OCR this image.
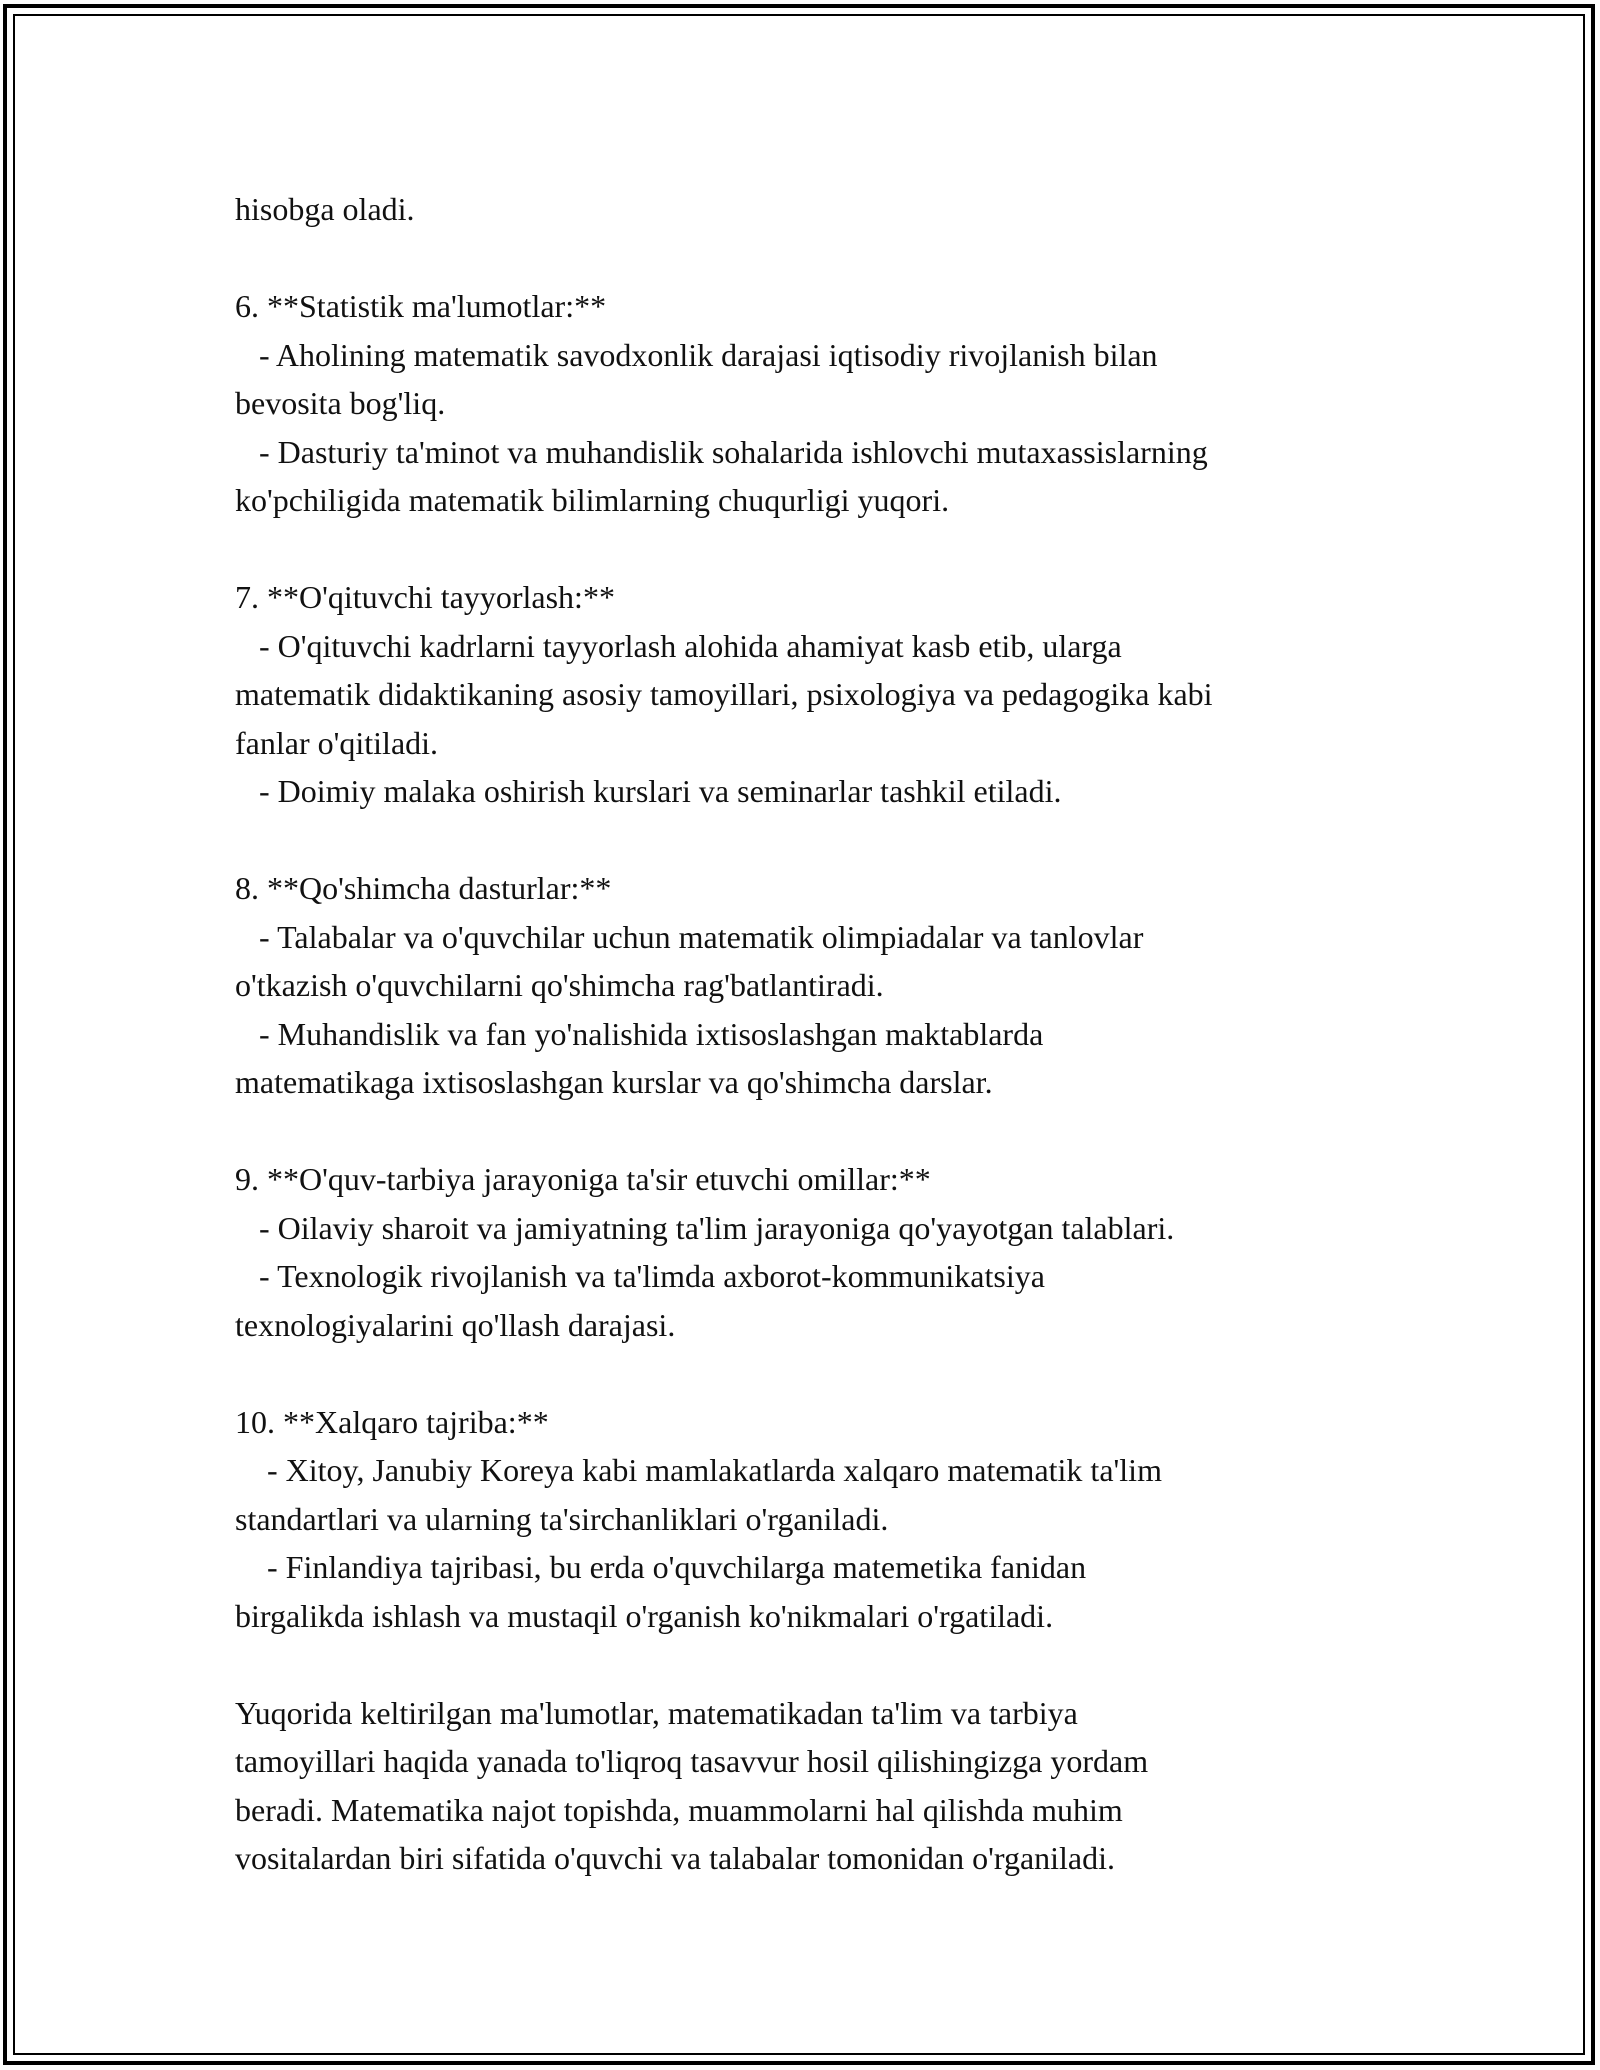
hisobga oladi.
6. **Statistik ma'lumotlar:**
- Aholining matematik savodxonlik darajasi iqtisodiy rivojlanish bilan
bevosita bog'liq.
- Dasturiy ta'minot va muhandislik sohalarida ishlovchi mutaxassislarning
ko'pchiligida matematik bilimlarning chuqurligi yuqori.
7. **O'qituvchi tayyorlash:**
- O'qituvchi kadrlarni tayyorlash alohida ahamiyat kasb etib, ularga
matematik didaktikaning asosiy tamoyillari, psixologiya va pedagogika kabi
fanlar o'qitiladi.
- Doimiy malaka oshirish kurslari va seminarlar tashkil etiladi.
8. **Qo'shimcha dasturlar:**
- Talabalar va o'quvchilar uchun matematik olimpiadalar va tanlovlar
o'tkazish o'quvchilarni qo'shimcha rag'batlantiradi.
- Muhandislik va fan yo'nalishida ixtisoslashgan maktablarda
matematikaga ixtisoslashgan kurslar va qo'shimcha darslar.
9. **O'quv-tarbiya jarayoniga ta'sir etuvchi omillar:**
- Oilaviy sharoit va jamiyatning ta'lim jarayoniga qo'yayotgan talablari.
- Texnologik rivojlanish va ta'limda axborot-kommunikatsiya
texnologiyalarini qo'llash darajasi.
10. **Xalqaro tajriba:**
- Xitoy, Janubiy Koreya kabi mamlakatlarda xalqaro matematik ta'lim
standartlari va ularning ta'sirchanliklari o'rganiladi.
- Finlandiya tajribasi, bu erda o'quvchilarga matemetika fanidan
birgalikda ishlash va mustaqil o'rganish ko'nikmalari o'rgatiladi.
Yuqorida keltirilgan ma'lumotlar, matematikadan ta'lim va tarbiya
tamoyillari haqida yanada to'liqroq tasavvur hosil qilishingizga yordam
beradi. Matematika najot topishda, muammolarni hal qilishda muhim
vositalardan biri sifatida o'quvchi va talabalar tomonidan o'rganiladi.
